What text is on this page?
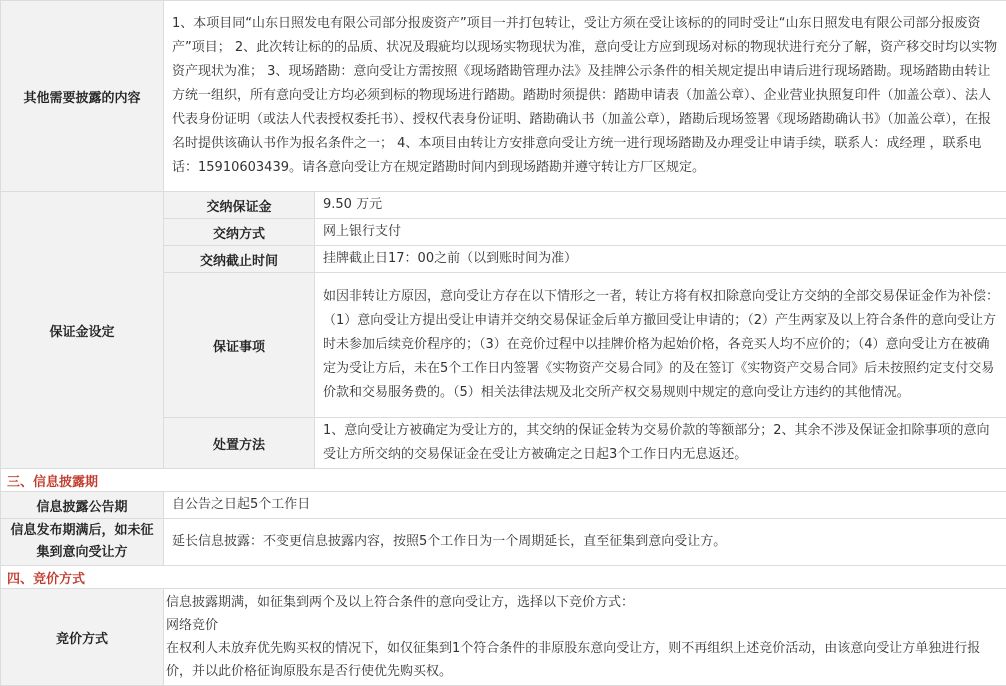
其他需要披露的内容	1、本项目同“山东日照发电有限公司部分报废资产”项目一并打包转让，受让方须在受让该标的的同时受让“山东日照发电有限公司部分报废资产”项目； 2、此次转让标的的品质、状况及瑕疵均以现场实物现状为准，意向受让方应到现场对标的物现状进行充分了解，资产移交时均以实物资产现状为准； 3、现场踏勘：意向受让方需按照《现场踏勘管理办法》及挂牌公示条件的相关规定提出申请后进行现场踏勘。现场踏勘由转让方统一组织，所有意向受让方均必须到标的物现场进行踏勘。踏勘时须提供：踏勘申请表（加盖公章）、企业营业执照复印件（加盖公章）、法人代表身份证明（或法人代表授权委托书）、授权代表身份证明、踏勘确认书（加盖公章），踏勘后现场签署《现场踏勘确认书》（加盖公章），在报名时提供该确认书作为报名条件之一； 4、本项目由转让方安排意向受让方统一进行现场踏勘及办理受让申请手续，联系人：成经理 ，联系电话：15910603439。请各意向受让方在规定踏勘时间内到现场踏勘并遵守转让方厂区规定。	
保证金设定	交纳保证金	9.50 万元
	交纳方式	网上银行支付
	交纳截止时间	挂牌截止日17：00之前（以到账时间为准）
	保证事项	如因非转让方原因，意向受让方存在以下情形之一者，转让方将有权扣除意向受让方交纳的全部交易保证金作为补偿：（1）意向受让方提出受让申请并交纳交易保证金后单方撤回受让申请的；（2）产生两家及以上符合条件的意向受让方时未参加后续竞价程序的；（3）在竞价过程中以挂牌价格为起始价格，各竞买人均不应价的；（4）意向受让方在被确定为受让方后，未在5个工作日内签署《实物资产交易合同》的及在签订《实物资产交易合同》后未按照约定支付交易价款和交易服务费的。（5）相关法律法规及北交所产权交易规则中规定的意向受让方违约的其他情况。
	处置方法	1、意向受让方被确定为受让方的，其交纳的保证金转为交易价款的等额部分；2、其余不涉及保证金扣除事项的意向受让方所交纳的交易保证金在受让方被确定之日起3个工作日内无息返还。
三、信息披露期		
信息披露公告期	自公告之日起5个工作日	
信息发布期满后，如未征集到意向受让方	延长信息披露：不变更信息披露内容，按照5个工作日为一个周期延长，直至征集到意向受让方。	
四、竞价方式		
竞价方式	信息披露期满，如征集到两个及以上符合条件的意向受让方，选择以下竞价方式：
网络竞价
在权利人未放弃优先购买权的情况下，如仅征集到1个符合条件的非原股东意向受让方，则不再组织上述竞价活动，由该意向受让方单独进行报价，并以此价格征询原股东是否行使优先购买权。	
